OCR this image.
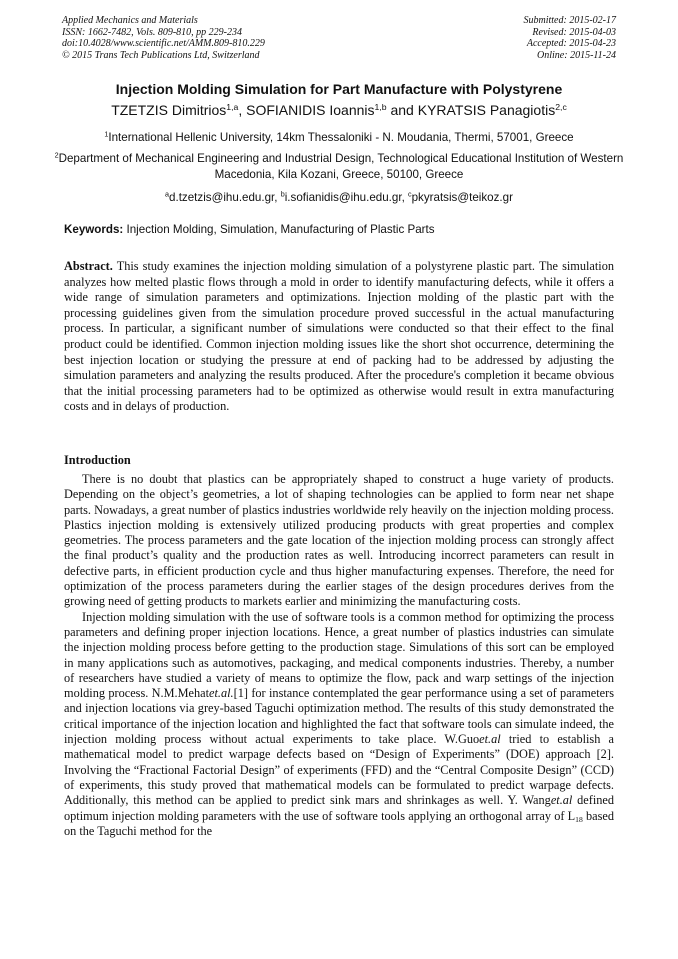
Applied Mechanics and Materials
ISSN: 1662-7482, Vols. 809-810, pp 229-234
doi:10.4028/www.scientific.net/AMM.809-810.229
© 2015 Trans Tech Publications Ltd, Switzerland
Submitted: 2015-02-17
Revised: 2015-04-03
Accepted: 2015-04-23
Online: 2015-11-24
Injection Molding Simulation for Part Manufacture with Polystyrene
TZETZIS Dimitrios$^{1,a}$, SOFIANIDIS Ioannis$^{1,b}$ and KYRATSIS Panagiotis$^{2,c}$
$^1$International Hellenic University, 14km Thessaloniki - N. Moudania, Thermi, 57001, Greece
$^2$Department of Mechanical Engineering and Industrial Design, Technological Educational Institution of Western Macedonia, Kila Kozani, Greece, 50100, Greece
$^a$d.tzetzis@ihu.edu.gr, $^b$i.sofianidis@ihu.edu.gr, $^c$pkyratsis@teikoz.gr
Keywords: Injection Molding, Simulation, Manufacturing of Plastic Parts
Abstract. This study examines the injection molding simulation of a polystyrene plastic part. The simulation analyzes how melted plastic flows through a mold in order to identify manufacturing defects, while it offers a wide range of simulation parameters and optimizations. Injection molding of the plastic part with the processing guidelines given from the simulation procedure proved successful in the actual manufacturing process. In particular, a significant number of simulations were conducted so that their effect to the final product could be identified. Common injection molding issues like the short shot occurrence, determining the best injection location or studying the pressure at end of packing had to be addressed by adjusting the simulation parameters and analyzing the results produced. After the procedure's completion it became obvious that the initial processing parameters had to be optimized as otherwise would result in extra manufacturing costs and in delays of production.
Introduction

There is no doubt that plastics can be appropriately shaped to construct a huge variety of products. Depending on the object’s geometries, a lot of shaping technologies can be applied to form near net shape parts. Nowadays, a great number of plastics industries worldwide rely heavily on the injection molding process. Plastics injection molding is extensively utilized producing products with great properties and complex geometries. The process parameters and the gate location of the injection molding process can strongly affect the final product’s quality and the production rates as well. Introducing incorrect parameters can result in defective parts, in efficient production cycle and thus higher manufacturing expenses. Therefore, the need for optimization of the process parameters during the earlier stages of the design procedures derives from the growing need of getting products to markets earlier and minimizing the manufacturing costs.

Injection molding simulation with the use of software tools is a common method for optimizing the process parameters and defining proper injection locations. Hence, a great number of plastics industries can simulate the injection molding process before getting to the production stage. Simulations of this sort can be employed in many applications such as automotives, packaging, and medical components industries. Thereby, a number of researchers have studied a variety of means to optimize the flow, pack and warp settings of the injection molding process. N.M.Mehatet.al.[1] for instance contemplated the gear performance using a set of parameters and injection locations via grey-based Taguchi optimization method. The results of this study demonstrated the critical importance of the injection location and highlighted the fact that software tools can simulate indeed, the injection molding process without actual experiments to take place. W.Guoet.al tried to establish a mathematical model to predict warpage defects based on “Design of Experiments” (DOE) approach [2]. Involving the “Fractional Factorial Design” of experiments (FFD) and the “Central Composite Design” (CCD) of experiments, this study proved that mathematical models can be formulated to predict warpage defects. Additionally, this method can be applied to predict sink mars and shrinkages as well. Y. Wanget.al defined optimum injection molding parameters with the use of software tools applying an orthogonal array of $L_{18}$ based on the Taguchi method for the
